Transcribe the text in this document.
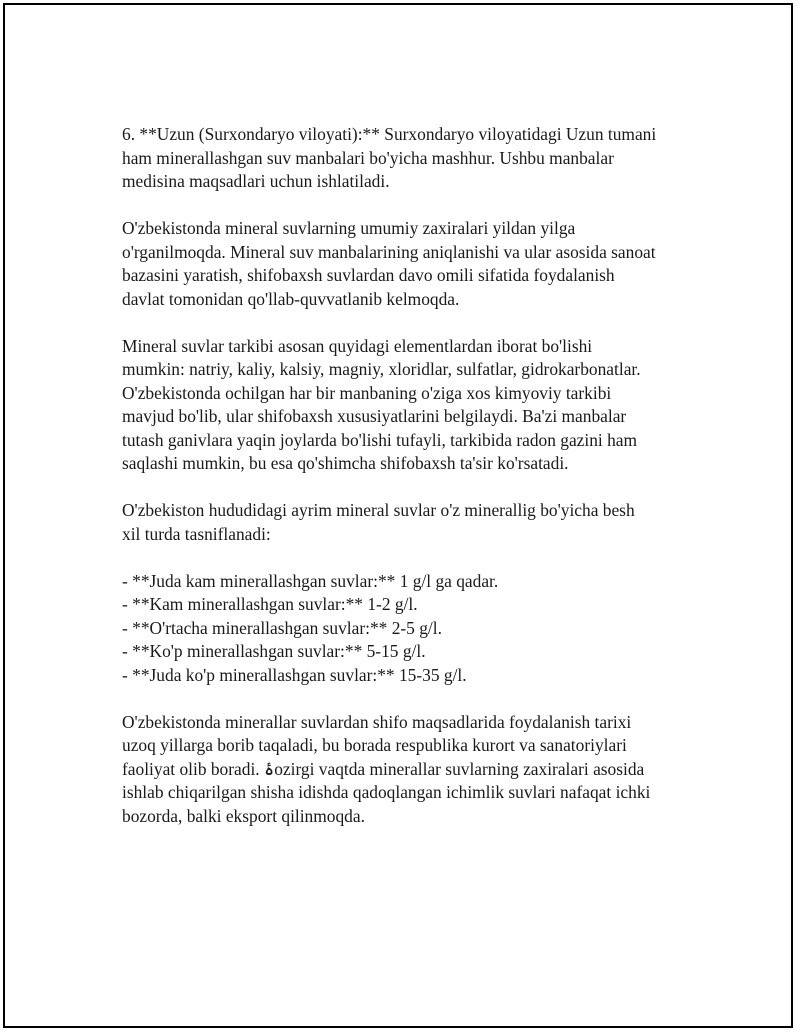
6. **Uzun (Surxondaryo viloyati):** Surxondaryo viloyatidagi Uzun tumani
ham minerallashgan suv manbalari bo'yicha mashhur. Ushbu manbalar
medisina maqsadlari uchun ishlatiladi.

O'zbekistonda mineral suvlarning umumiy zaxiralari yildan yilga
o'rganilmoqda. Mineral suv manbalarining aniqlanishi va ular asosida sanoat
bazasini yaratish, shifobaxsh suvlardan davo omili sifatida foydalanish
davlat tomonidan qo'llab-quvvatlanib kelmoqda.

Mineral suvlar tarkibi asosan quyidagi elementlardan iborat bo'lishi
mumkin: natriy, kaliy, kalsiy, magniy, xloridlar, sulfatlar, gidrokarbonatlar.
O'zbekistonda ochilgan har bir manbaning o'ziga xos kimyoviy tarkibi
mavjud bo'lib, ular shifobaxsh xususiyatlarini belgilaydi. Ba'zi manbalar
tutash ganivlara yaqin joylarda bo'lishi tufayli, tarkibida radon gazini ham
saqlashi mumkin, bu esa qo'shimcha shifobaxsh ta'sir ko'rsatadi.

O'zbekiston hududidagi ayrim mineral suvlar o'z minerallig bo'yicha besh
xil turda tasniflanadi:

- **Juda kam minerallashgan suvlar:** 1 g/l ga qadar.
- **Kam minerallashgan suvlar:** 1-2 g/l.
- **O'rtacha minerallashgan suvlar:** 2-5 g/l.
- **Ko'p minerallashgan suvlar:** 5-15 g/l.
- **Juda ko'p minerallashgan suvlar:** 15-35 g/l.

O'zbekistonda minerallar suvlardan shifo maqsadlarida foydalanish tarixi
uzoq yillarga borib taqaladi, bu borada respublika kurort va sanatoriylari
faoliyat olib boradi. ۀozirgi vaqtda minerallar suvlarning zaxiralari asosida
ishlab chiqarilgan shisha idishda qadoqlangan ichimlik suvlari nafaqat ichki
bozorda, balki eksport qilinmoqda.
